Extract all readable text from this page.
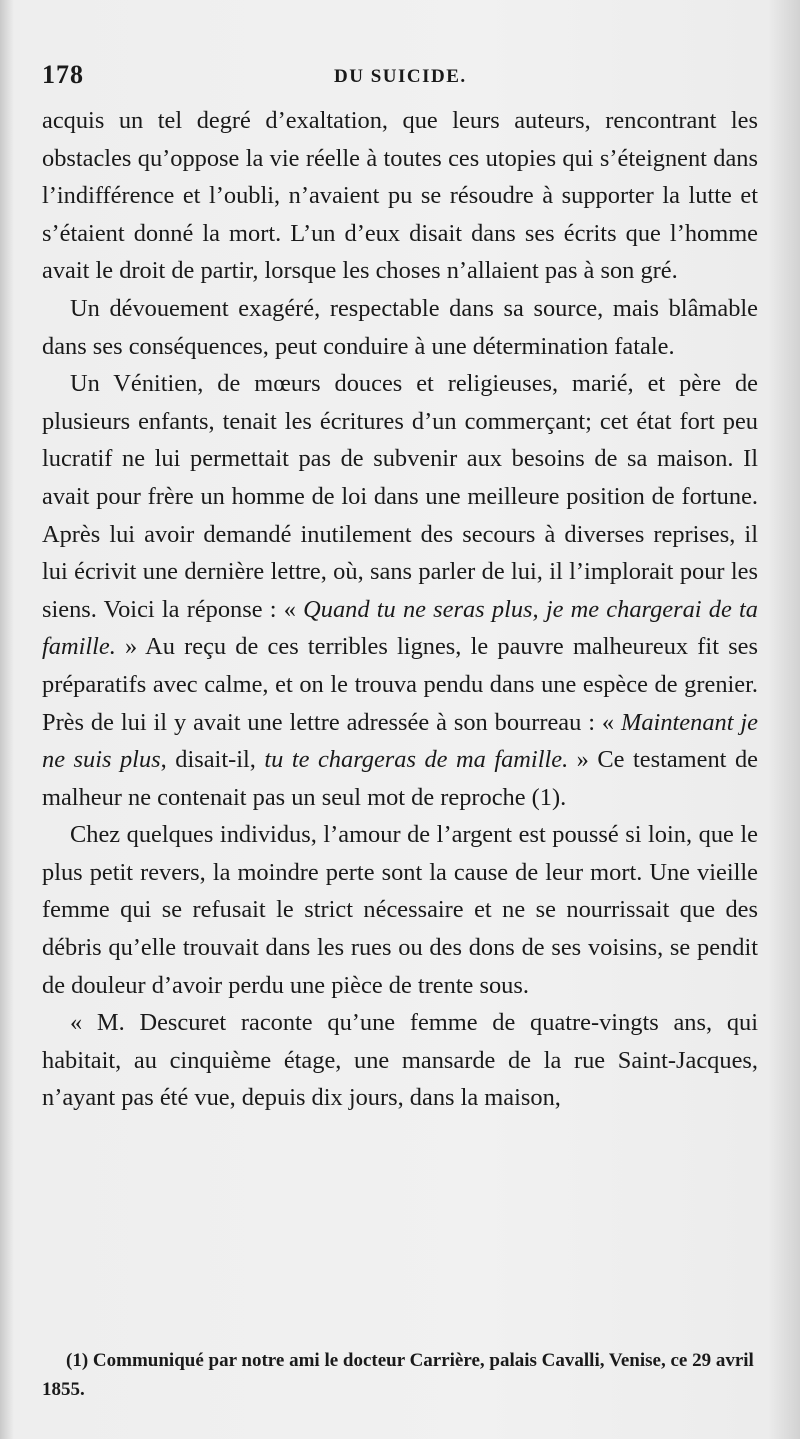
178	DU SUICIDE.

acquis un tel degré d’exaltation, que leurs auteurs, rencontrant les obstacles qu’oppose la vie réelle à toutes ces utopies qui s’éteignent dans l’indifférence et l’oubli, n’avaient pu se résoudre à supporter la lutte et s’étaient donné la mort. L’un d’eux disait dans ses écrits que l’homme avait le droit de partir, lorsque les choses n’allaient pas à son gré.

Un dévouement exagéré, respectable dans sa source, mais blâmable dans ses conséquences, peut conduire à une détermination fatale.

Un Vénitien, de mœurs douces et religieuses, marié, et père de plusieurs enfants, tenait les écritures d’un commerçant; cet état fort peu lucratif ne lui permettait pas de subvenir aux besoins de sa maison. Il avait pour frère un homme de loi dans une meilleure position de fortune. Après lui avoir demandé inutilement des secours à diverses reprises, il lui écrivit une dernière lettre, où, sans parler de lui, il l’implorait pour les siens. Voici la réponse : « Quand tu ne seras plus, je me chargerai de ta famille. » Au reçu de ces terribles lignes, le pauvre malheureux fit ses préparatifs avec calme, et on le trouva pendu dans une espèce de grenier. Près de lui il y avait une lettre adressée à son bourreau : « Maintenant je ne suis plus, disait-il, tu te chargeras de ma famille. » Ce testament de malheur ne contenait pas un seul mot de reproche (1).

Chez quelques individus, l’amour de l’argent est poussé si loin, que le plus petit revers, la moindre perte sont la cause de leur mort. Une vieille femme qui se refusait le strict nécessaire et ne se nourrissait que des débris qu’elle trouvait dans les rues ou des dons de ses voisins, se pendit de douleur d’avoir perdu une pièce de trente sous.

« M. Descuret raconte qu’une femme de quatre-vingts ans, qui habitait, au cinquième étage, une mansarde de la rue Saint-Jacques, n’ayant pas été vue, depuis dix jours, dans la maison,

(1) Communiqué par notre ami le docteur Carrière, palais Cavalli, Venise, ce 29 avril 1855.
